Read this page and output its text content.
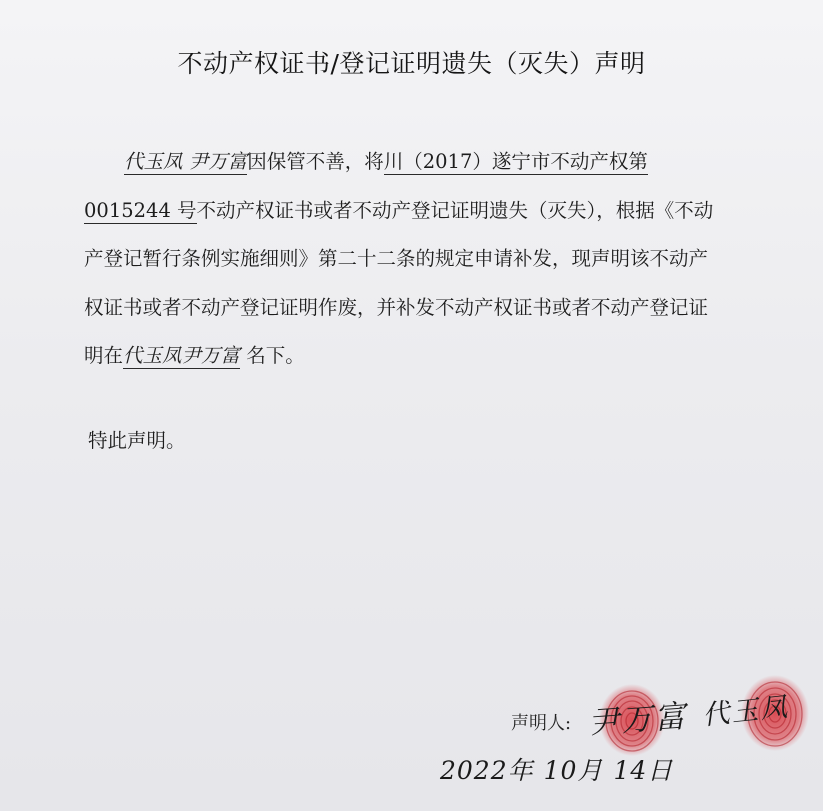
不动产权证书/登记证明遗失（灭失）声明
代玉凤 尹万富因保管不善，将川（2017）遂宁市不动产权第 0015244 号不动产权证书或者不动产登记证明遗失（灭失），根据《不动产登记暂行条例实施细则》第二十二条的规定申请补发，现声明该不动产权证书或者不动产登记证明作废，并补发不动产权证书或者不动产登记证明在代玉凤尹万富 名下。
特此声明。
声明人: 尹万富 代玉凤
2022年 10月 14日
